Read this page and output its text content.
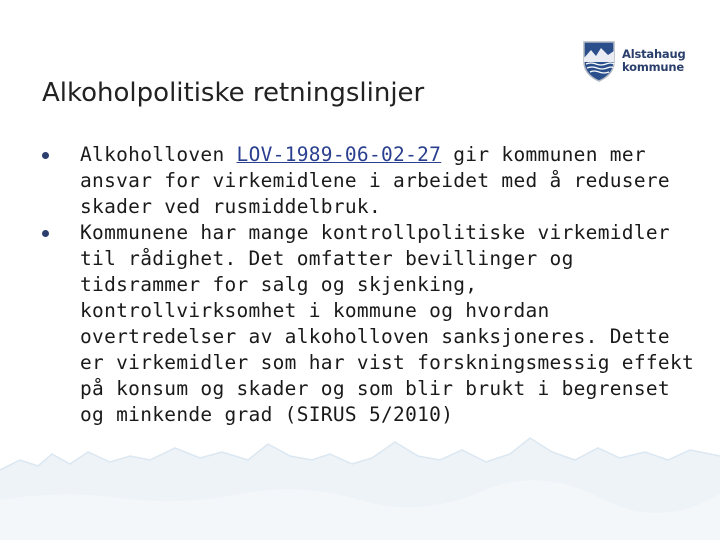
Alstahaug
kommune
Alkoholpolitiske retningslinjer
Alkoholloven LOV-1989-06-02-27 gir kommunen mer ansvar for virkemidlene i arbeidet med å redusere skader ved rusmiddelbruk.
Kommunene har mange kontrollpolitiske virkemidler til rådighet. Det omfatter bevillinger og tidsrammer for salg og skjenking, kontrollvirksomhet i kommune og hvordan overtredelser av alkoholloven sanksjoneres. Dette er virkemidler som har vist forskningsmessig effekt på konsum og skader og som blir brukt i begrenset og minkende grad (SIRUS 5/2010)
